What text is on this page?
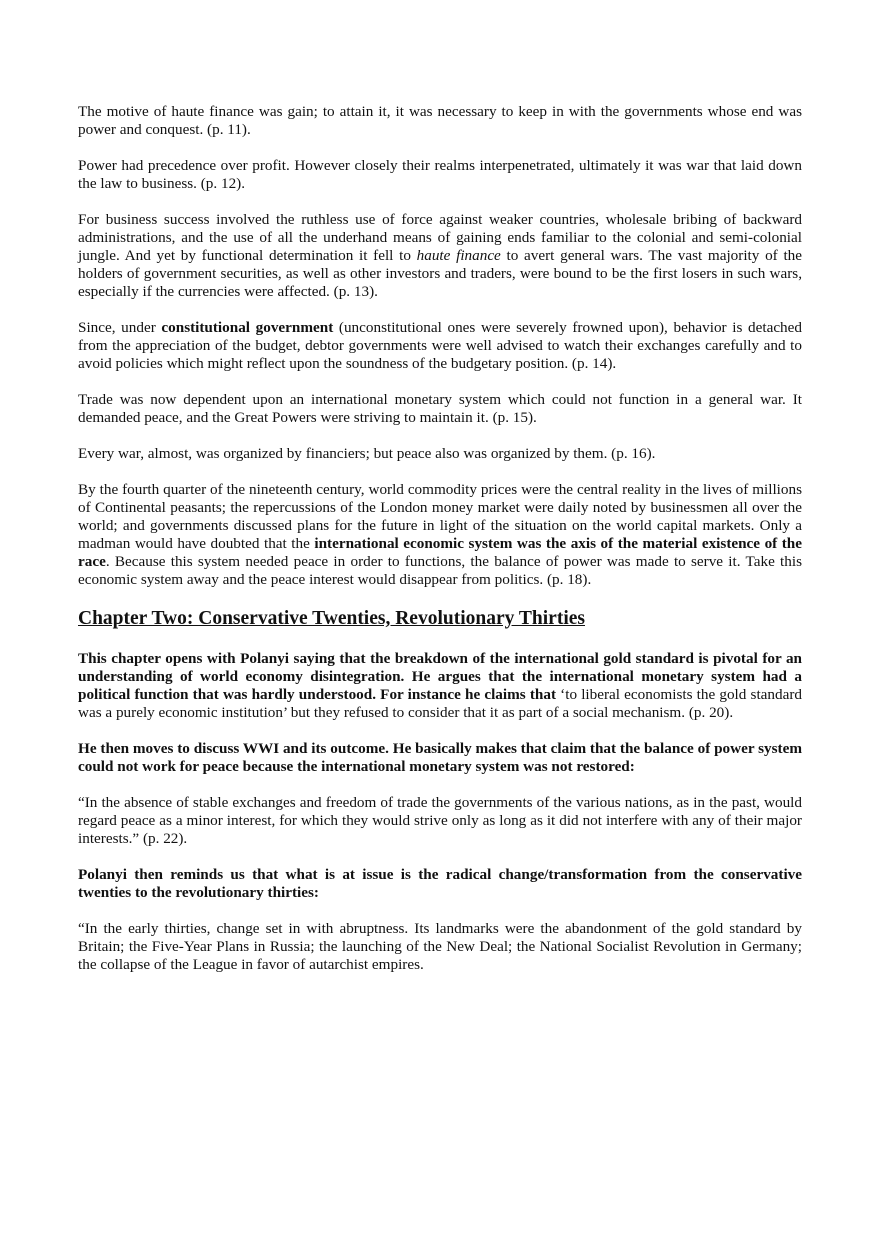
The motive of haute finance was gain; to attain it, it was necessary to keep in with the governments whose end was power and conquest. (p. 11).

Power had precedence over profit. However closely their realms interpenetrated, ultimately it was war that laid down the law to business. (p. 12).

For business success involved the ruthless use of force against weaker countries, wholesale bribing of backward administrations, and the use of all the underhand means of gaining ends familiar to the colonial and semi-colonial jungle. And yet by functional determination it fell to haute finance to avert general wars. The vast majority of the holders of government securities, as well as other investors and traders, were bound to be the first losers in such wars, especially if the currencies were affected. (p. 13).

Since, under constitutional government (unconstitutional ones were severely frowned upon), behavior is detached from the appreciation of the budget, debtor governments were well advised to watch their exchanges carefully and to avoid policies which might reflect upon the soundness of the budgetary position. (p. 14).

Trade was now dependent upon an international monetary system which could not function in a general war. It demanded peace, and the Great Powers were striving to maintain it. (p. 15).

Every war, almost, was organized by financiers; but peace also was organized by them. (p. 16).

By the fourth quarter of the nineteenth century, world commodity prices were the central reality in the lives of millions of Continental peasants; the repercussions of the London money market were daily noted by businessmen all over the world; and governments discussed plans for the future in light of the situation on the world capital markets. Only a madman would have doubted that the international economic system was the axis of the material existence of the race. Because this system needed peace in order to functions, the balance of power was made to serve it. Take this economic system away and the peace interest would disappear from politics. (p. 18).

Chapter Two: Conservative Twenties, Revolutionary Thirties

This chapter opens with Polanyi saying that the breakdown of the international gold standard is pivotal for an understanding of world economy disintegration. He argues that the international monetary system had a political function that was hardly understood. For instance he claims that ‘to liberal economists the gold standard was a purely economic institution’ but they refused to consider that it as part of a social mechanism. (p. 20).

He then moves to discuss WWI and its outcome. He basically makes that claim that the balance of power system could not work for peace because the international monetary system was not restored:

“In the absence of stable exchanges and freedom of trade the governments of the various nations, as in the past, would regard peace as a minor interest, for which they would strive only as long as it did not interfere with any of their major interests.” (p. 22).

Polanyi then reminds us that what is at issue is the radical change/transformation from the conservative twenties to the revolutionary thirties:

“In the early thirties, change set in with abruptness. Its landmarks were the abandonment of the gold standard by Britain; the Five-Year Plans in Russia; the launching of the New Deal; the National Socialist Revolution in Germany; the collapse of the League in favor of autarchist empires.
